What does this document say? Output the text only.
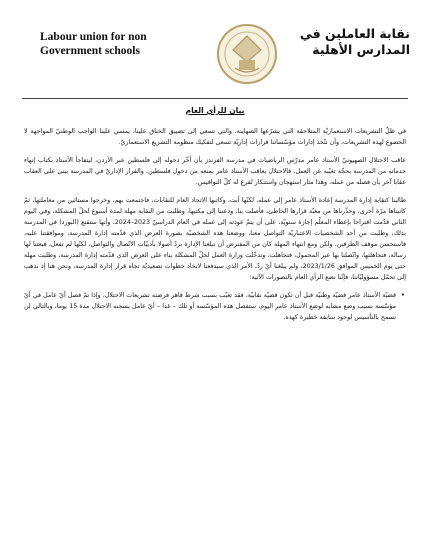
Labour union for non
Government schools
نقابة العاملين في
المدارس الأهلية
بيان للرأي العام

في ظلّ التشريعات الاستعماريّة المتلاحقة التي يشرّعها الصهاينة، والتي تسعى إلى تضييق الخناق علينا، يمسي علينا الواجب الوطنيّ المواجهة لا الخضوع لهذه التشريعات، وأن نتّخذ إدارات مؤسّساتنا قرارات إداريّة تسعى لتفكيك منظومة التشريع الاستعماريّ.

عاقب الاحتلال الصهيونيّ الأستاذ عامر مدرّس الرياضيات في مدرسة الفرندز بأن أخّر دخوله إلى فلسطين عبر الأردن، ليتفاجأ الأستاذ بكتاب إنهاء خدماته من المدرسة بحجّة تغيّبه عن العمل، فالاحتلال يعاقب الأستاذ عامر بمنعه من دخول فلسطين، والقرار الإداريّ في المدرسة يبنى على العقاب عقابا آخر بأن فصله من عمله، وهذا مثار استهجان واستنكار تُقرع له كلّ النواقيس.

طالبنا كنقابة إدارة المدرسة إعادة الأستاذ عامر إلى عمله، لكنّها أبت، وكاتبها الاتحاد العام للنقابات، فاجتمعت بهم، وخرجوا مستائين من معاملتها، ثمّ كاتبناها مرّة أخرى، وحذّرناها من مغبّة قرارها الخاطئ، فأصلت بنا، ودعتنا إلى مكتبها، وطلبت من النقابة مهلة لمدة أسبوع لحلّ المشكلة، وفي اليوم الثاني قدّمت اقتراحا بإعطاء المعلّم إجازة سنويّة، على أن يتمّ عودته إلى عمله في العام الدراسيّ 2023–2024، وأنها ستقنع (البورد) في المدرسة بذلك، وطلبت من أحد الشخصيات الاعتباريّة التواصل معنا، ووضعنا هذه الشخصيّة بصورة العرض الذي قدّمته إدارة المدرسة، وموافقتنا عليه، فاستحسن موقف الطرفين، ولكن ومع انتهاء المهلة كان من المفترض أن تبلغنا الإدارة بردّ أصولا بأدبيّات الاتّصال والتواصل، لكنّها لم تفعل، فبعثنا لها رسالة، فتجاهلتها، واتّصلنا بها عبر المحمول، فتجاهلت، وتدخّلت وزارة العمل لحلّ المشكلة بناء على العرض الذي قدّمته إدارة المدرسة، وطلبت مهلة حتى يوم الخميس الموافق 2023/1/26، ولم يبلغنا أيّ ردّ، الأمر الذي سيدفعنا لاتخاذ خطوات تصعيديّة تجاه قرار إدارة المدرسة، ونحن هنا إذ نذهب إلى تحمّل مسؤوليّاتنا، فإنّنا نضع الرأي العام بالتصورات الآتية:

• قضيّة الأستاذ عامر قضيّة وطنيّة قبل أن تكون قضيّة نقابيّة، فقد تغيّب بسبب شرط قاهر فرضته تشريعات الاحتلال، وإذا تمّ فصل أيّ عامل في أيّ مؤسّسة بسبب وضع مشابه لوضع الأستاذ عامر اليوم، ستفصل هذه المؤسّسة أو تلك – غدا – أيّ عامل يسجنه الاحتلال مدة 15 يوما، وبالتالي لن تسمح بالتأسيس لوجود سابقة خطيرة كهذه.
